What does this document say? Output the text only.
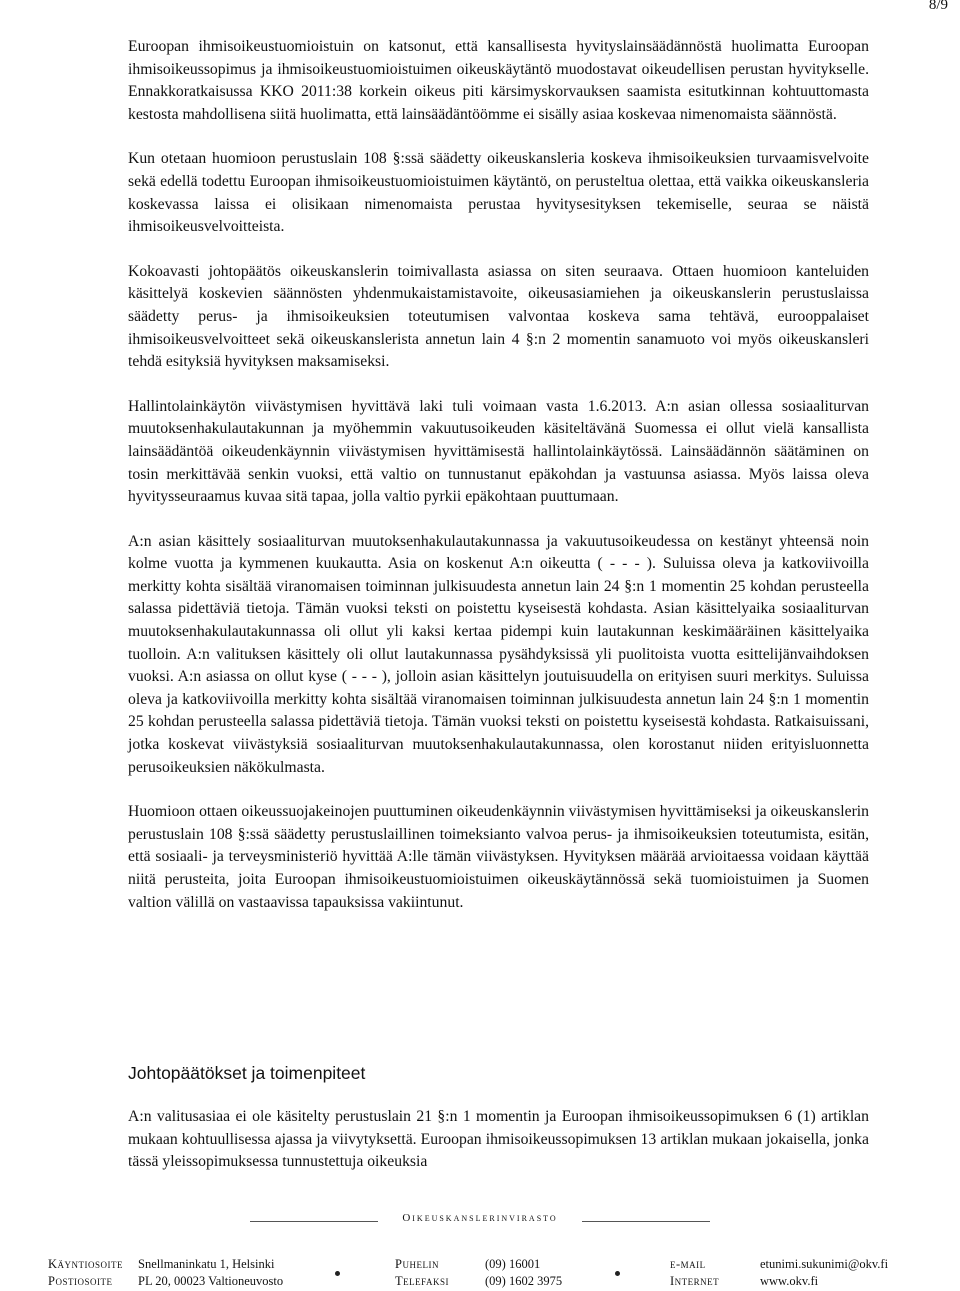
8/9

Euroopan ihmisoikeustuomioistuin on katsonut, että kansallisesta hyvityslainsäädännöstä huolimatta Euroopan ihmisoikeussopimus ja ihmisoikeustuomioistuimen oikeuskäytäntö muodostavat oikeudellisen perustan hyvitykselle. Ennakkoratkaisussa KKO 2011:38 korkein oikeus piti kärsimyskorvauksen saamista esitutkinnan kohtuuttomasta kestosta mahdollisena siitä huolimatta, että lainsäädäntöömme ei sisälly asiaa koskevaa nimenomaista säännöstä.

Kun otetaan huomioon perustuslain 108 §:ssä säädetty oikeuskansleria koskeva ihmisoikeuksien turvaamisvelvoite sekä edellä todettu Euroopan ihmisoikeustuomioistuimen käytäntö, on perusteltua olettaa, että vaikka oikeuskansleria koskevassa laissa ei olisikaan nimenomaista perustaa hyvitysesityksen tekemiselle, seuraa se näistä ihmisoikeusvelvoitteista.

Kokoavasti johtopäätös oikeuskanslerin toimivallasta asiassa on siten seuraava. Ottaen huomioon kanteluiden käsittelyä koskevien säännösten yhdenmukaistamistavoite, oikeusasiamiehen ja oikeuskanslerin perustuslaissa säädetty perus- ja ihmisoikeuksien toteutumisen valvontaa koskeva sama tehtävä, eurooppalaiset ihmisoikeusvelvoitteet sekä oikeuskanslerista annetun lain 4 §:n 2 momentin sanamuoto voi myös oikeuskansleri tehdä esityksiä hyvityksen maksamiseksi.

Hallintolainkäytön viivästymisen hyvittävä laki tuli voimaan vasta 1.6.2013. A:n asian ollessa sosiaaliturvan muutoksenhakulautakunnan ja myöhemmin vakuutusoikeuden käsiteltävänä Suomessa ei ollut vielä kansallista lainsäädäntöä oikeudenkäynnin viivästymisen hyvittämisestä hallintolainkäytössä. Lainsäädännön säätäminen on tosin merkittävää senkin vuoksi, että valtio on tunnustanut epäkohdan ja vastuunsa asiassa. Myös laissa oleva hyvitysseuraamus kuvaa sitä tapaa, jolla valtio pyrkii epäkohtaan puuttumaan.

A:n asian käsittely sosiaaliturvan muutoksenhakulautakunnassa ja vakuutusoikeudessa on kestänyt yhteensä noin kolme vuotta ja kymmenen kuukautta. Asia on koskenut A:n oikeutta ( - - - ). Suluissa oleva ja katkoviivoilla merkitty kohta sisältää viranomaisen toiminnan julkisuudesta annetun lain 24 §:n 1 momentin 25 kohdan perusteella salassa pidettäviä tietoja. Tämän vuoksi teksti on poistettu kyseisestä kohdasta. Asian käsittelyaika sosiaaliturvan muutoksenhakulautakunnassa oli ollut yli kaksi kertaa pidempi kuin lautakunnan keskimääräinen käsittelyaika tuolloin. A:n valituksen käsittely oli ollut lautakunnassa pysähdyksissä yli puolitoista vuotta esittelijänvaihdoksen vuoksi. A:n asiassa on ollut kyse ( - - - ), jolloin asian käsittelyn joutuisuudella on erityisen suuri merkitys. Suluissa oleva ja katkoviivoilla merkitty kohta sisältää viranomaisen toiminnan julkisuudesta annetun lain 24 §:n 1 momentin 25 kohdan perusteella salassa pidettäviä tietoja. Tämän vuoksi teksti on poistettu kyseisestä kohdasta. Ratkaisuissani, jotka koskevat viivästyksiä sosiaaliturvan muutoksenhakulautakunnassa, olen korostanut niiden erityisluonnetta perusoikeuksien näkökulmasta.

Huomioon ottaen oikeussuojakeinojen puuttuminen oikeudenkäynnin viivästymisen hyvittämiseksi ja oikeuskanslerin perustuslain 108 §:ssä säädetty perustuslaillinen toimeksianto valvoa perus- ja ihmisoikeuksien toteutumista, esitän, että sosiaali- ja terveysministeriö hyvittää A:lle tämän viivästyksen. Hyvityksen määrää arvioitaessa voidaan käyttää niitä perusteita, joita Euroopan ihmisoikeustuomioistuimen oikeuskäytännössä sekä tuomioistuimen ja Suomen valtion välillä on vastaavissa tapauksissa vakiintunut.

Johtopäätökset ja toimenpiteet

A:n valitusasiaa ei ole käsitelty perustuslain 21 §:n 1 momentin ja Euroopan ihmisoikeussopimuksen 6 (1) artiklan mukaan kohtuullisessa ajassa ja viivytyksettä. Euroopan ihmisoikeussopimuksen 13 artiklan mukaan jokaisella, jonka tässä yleissopimuksessa tunnustettuja oikeuksia

Oikeuskanslerinvirasto
Käyntiosoite Snellmaninkatu 1, Helsinki
Postiosoite PL 20, 00023 Valtioneuvosto
Puhelin	(09) 16001
Telefaksi	(09) 1602 3975
e-mail	etunimi.sukunimi@okv.fi
Internet	www.okv.fi
